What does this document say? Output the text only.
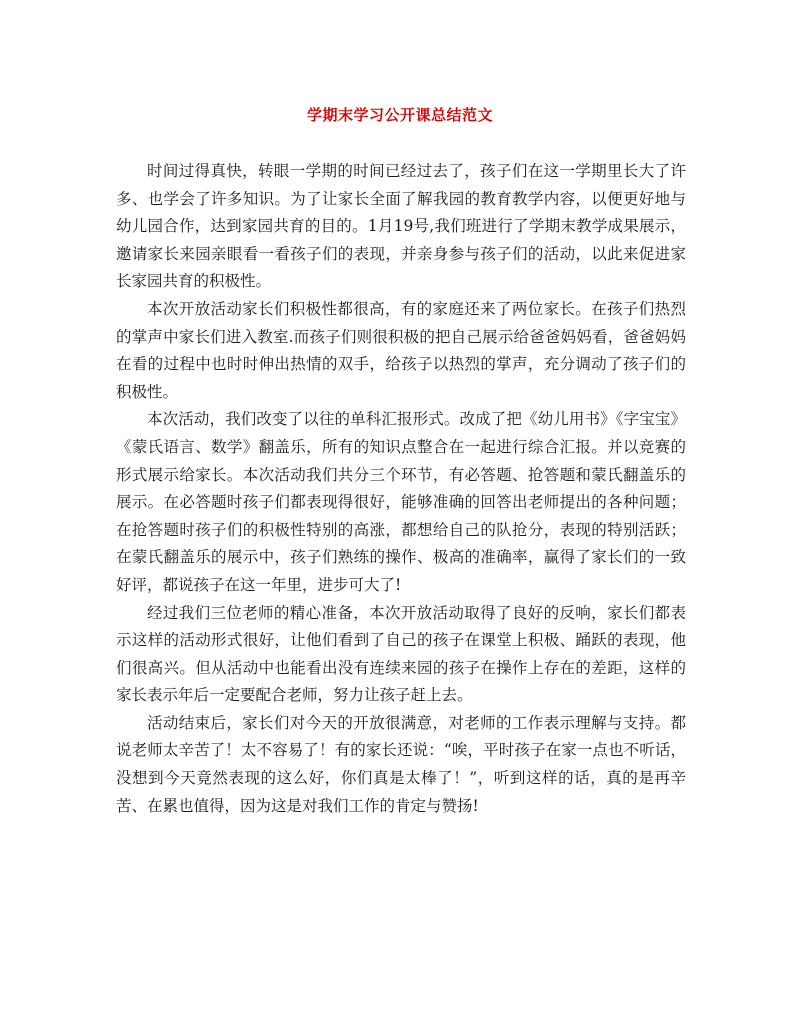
学期末学习公开课总结范文

时间过得真快，转眼一学期的时间已经过去了，孩子们在这一学期里长大了许多、也学会了许多知识。为了让家长全面了解我园的教育教学内容，以便更好地与幼儿园合作，达到家园共育的目的。1月19号,我们班进行了学期末教学成果展示，邀请家长来园亲眼看一看孩子们的表现，并亲身参与孩子们的活动，以此来促进家长家园共育的积极性。

本次开放活动家长们积极性都很高，有的家庭还来了两位家长。在孩子们热烈的掌声中家长们进入教室.而孩子们则很积极的把自己展示给爸爸妈妈看，爸爸妈妈在看的过程中也时时伸出热情的双手，给孩子以热烈的掌声，充分调动了孩子们的积极性。

本次活动，我们改变了以往的单科汇报形式。改成了把《幼儿用书》《字宝宝》《蒙氏语言、数学》翻盖乐，所有的知识点整合在一起进行综合汇报。并以竞赛的形式展示给家长。本次活动我们共分三个环节，有必答题、抢答题和蒙氏翻盖乐的展示。在必答题时孩子们都表现得很好，能够准确的回答出老师提出的各种问题；在抢答题时孩子们的积极性特别的高涨，都想给自己的队抢分，表现的特别活跃；在蒙氏翻盖乐的展示中，孩子们熟练的操作、极高的准确率，赢得了家长们的一致好评，都说孩子在这一年里，进步可大了!

经过我们三位老师的精心准备，本次开放活动取得了良好的反响，家长们都表示这样的活动形式很好，让他们看到了自己的孩子在课堂上积极、踊跃的表现，他们很高兴。但从活动中也能看出没有连续来园的孩子在操作上存在的差距，这样的家长表示年后一定要配合老师，努力让孩子赶上去。

活动结束后，家长们对今天的开放很满意，对老师的工作表示理解与支持。都说老师太辛苦了！太不容易了！有的家长还说：“唉，平时孩子在家一点也不听话，没想到今天竟然表现的这么好，你们真是太棒了！”，听到这样的话，真的是再辛苦、在累也值得，因为这是对我们工作的肯定与赞扬!
